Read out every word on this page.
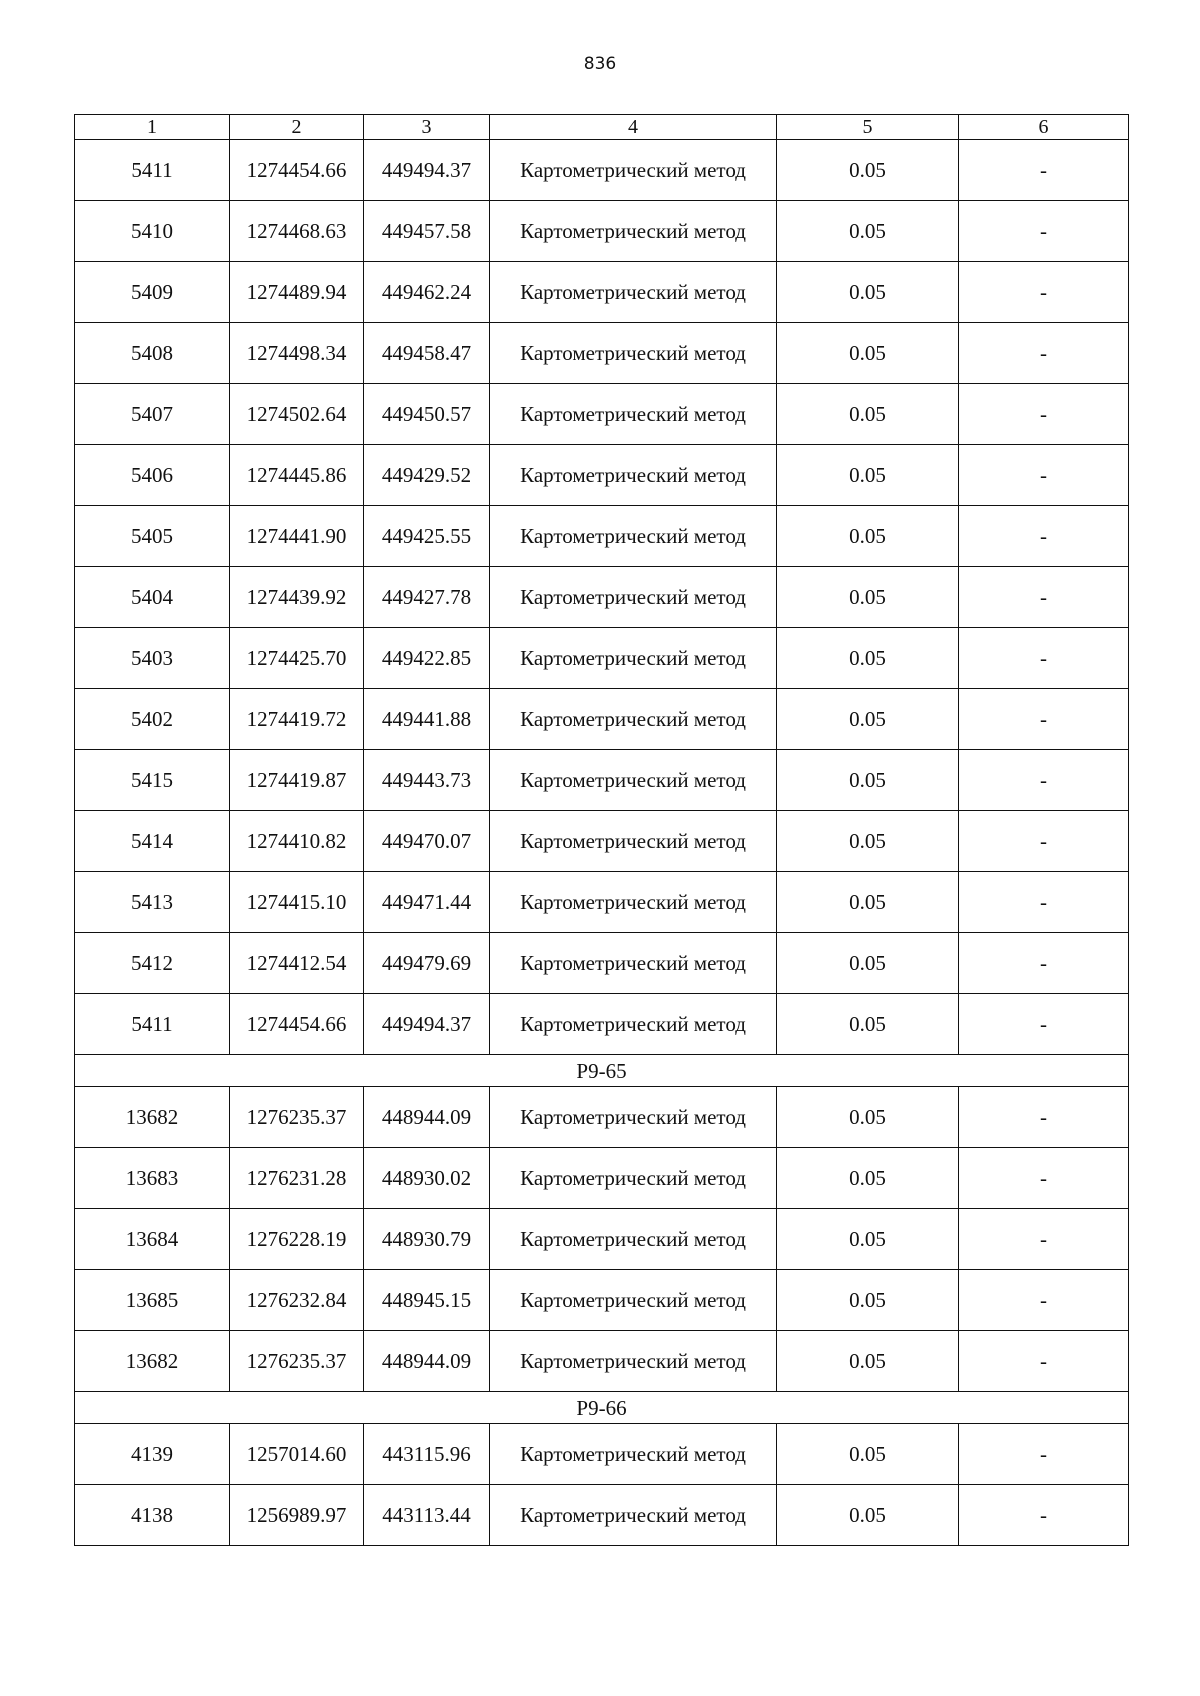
836
1	2	3	4	5	6
5411	1274454.66	449494.37	Картометрический метод	0.05	-
5410	1274468.63	449457.58	Картометрический метод	0.05	-
5409	1274489.94	449462.24	Картометрический метод	0.05	-
5408	1274498.34	449458.47	Картометрический метод	0.05	-
5407	1274502.64	449450.57	Картометрический метод	0.05	-
5406	1274445.86	449429.52	Картометрический метод	0.05	-
5405	1274441.90	449425.55	Картометрический метод	0.05	-
5404	1274439.92	449427.78	Картометрический метод	0.05	-
5403	1274425.70	449422.85	Картометрический метод	0.05	-
5402	1274419.72	449441.88	Картометрический метод	0.05	-
5415	1274419.87	449443.73	Картометрический метод	0.05	-
5414	1274410.82	449470.07	Картометрический метод	0.05	-
5413	1274415.10	449471.44	Картометрический метод	0.05	-
5412	1274412.54	449479.69	Картометрический метод	0.05	-
5411	1274454.66	449494.37	Картометрический метод	0.05	-
Р9-65					
13682	1276235.37	448944.09	Картометрический метод	0.05	-
13683	1276231.28	448930.02	Картометрический метод	0.05	-
13684	1276228.19	448930.79	Картометрический метод	0.05	-
13685	1276232.84	448945.15	Картометрический метод	0.05	-
13682	1276235.37	448944.09	Картометрический метод	0.05	-
Р9-66					
4139	1257014.60	443115.96	Картометрический метод	0.05	-
4138	1256989.97	443113.44	Картометрический метод	0.05	-
